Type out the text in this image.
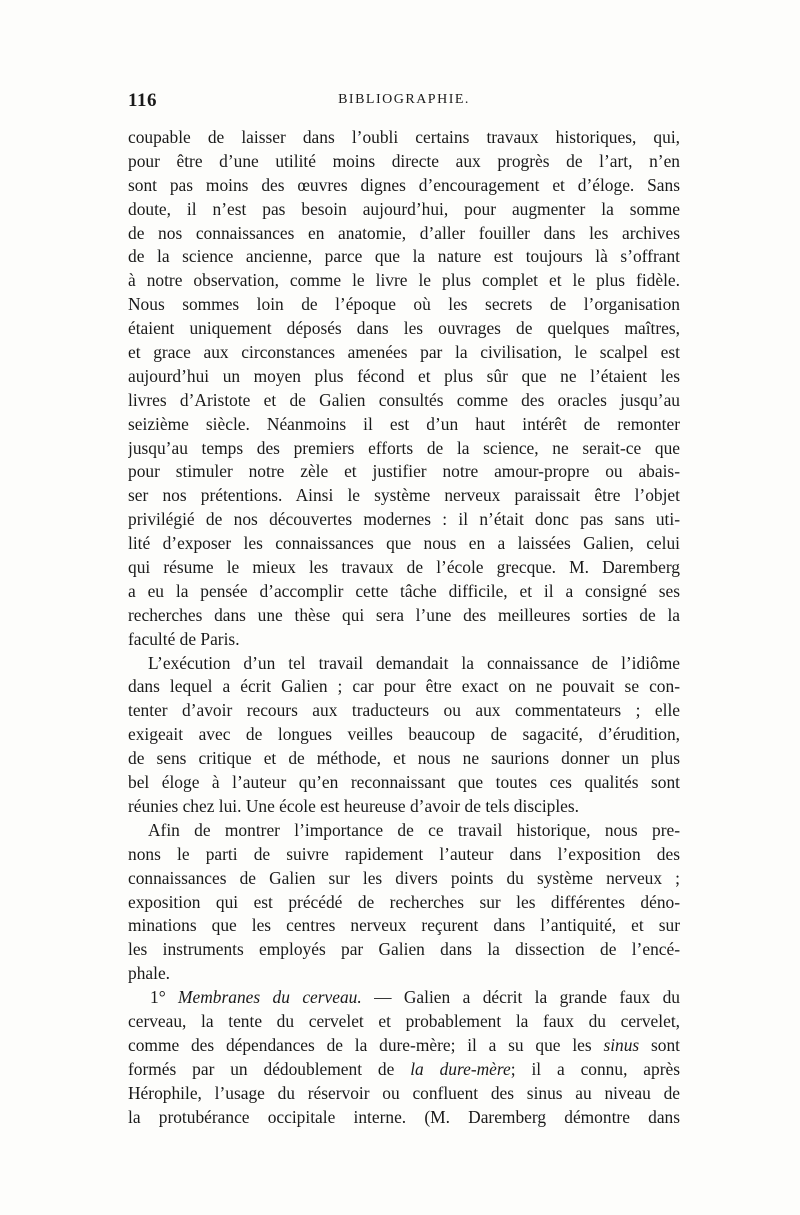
116	BIBLIOGRAPHIE.
coupable de laisser dans l’oubli certains travaux historiques, qui,
pour être d’une utilité moins directe aux progrès de l’art, n’en
sont pas moins des œuvres dignes d’encouragement et d’éloge. Sans
doute, il n’est pas besoin aujourd’hui, pour augmenter la somme
de nos connaissances en anatomie, d’aller fouiller dans les archives
de la science ancienne, parce que la nature est toujours là s’offrant
à notre observation, comme le livre le plus complet et le plus fidèle.
Nous sommes loin de l’époque où les secrets de l’organisation
étaient uniquement déposés dans les ouvrages de quelques maîtres,
et grace aux circonstances amenées par la civilisation, le scalpel est
aujourd’hui un moyen plus fécond et plus sûr que ne l’étaient les
livres d’Aristote et de Galien consultés comme des oracles jusqu’au
seizième siècle. Néanmoins il est d’un haut intérêt de remonter
jusqu’au temps des premiers efforts de la science, ne serait-ce que
pour stimuler notre zèle et justifier notre amour-propre ou abais-
ser nos prétentions. Ainsi le système nerveux paraissait être l’objet
privilégié de nos découvertes modernes : il n’était donc pas sans uti-
lité d’exposer les connaissances que nous en a laissées Galien, celui
qui résume le mieux les travaux de l’école grecque. M. Daremberg
a eu la pensée d’accomplir cette tâche difficile, et il a consigné ses
recherches dans une thèse qui sera l’une des meilleures sorties de la
faculté de Paris.
L’exécution d’un tel travail demandait la connaissance de l’idiôme
dans lequel a écrit Galien ; car pour être exact on ne pouvait se con-
tenter d’avoir recours aux traducteurs ou aux commentateurs ; elle
exigeait avec de longues veilles beaucoup de sagacité, d’érudition,
de sens critique et de méthode, et nous ne saurions donner un plus
bel éloge à l’auteur qu’en reconnaissant que toutes ces qualités sont
réunies chez lui. Une école est heureuse d’avoir de tels disciples.
Afin de montrer l’importance de ce travail historique, nous pre-
nons le parti de suivre rapidement l’auteur dans l’exposition des
connaissances de Galien sur les divers points du système nerveux ;
exposition qui est précédé de recherches sur les différentes déno-
minations que les centres nerveux reçurent dans l’antiquité, et sur
les instruments employés par Galien dans la dissection de l’encé-
phale.
1° Membranes du cerveau. — Galien a décrit la grande faux du
cerveau, la tente du cervelet et probablement la faux du cervelet,
comme des dépendances de la dure-mère; il a su que les sinus sont
formés par un dédoublement de la dure-mère; il a connu, après
Hérophile, l’usage du réservoir ou confluent des sinus au niveau de
la protubérance occipitale interne. (M. Daremberg démontre dans
